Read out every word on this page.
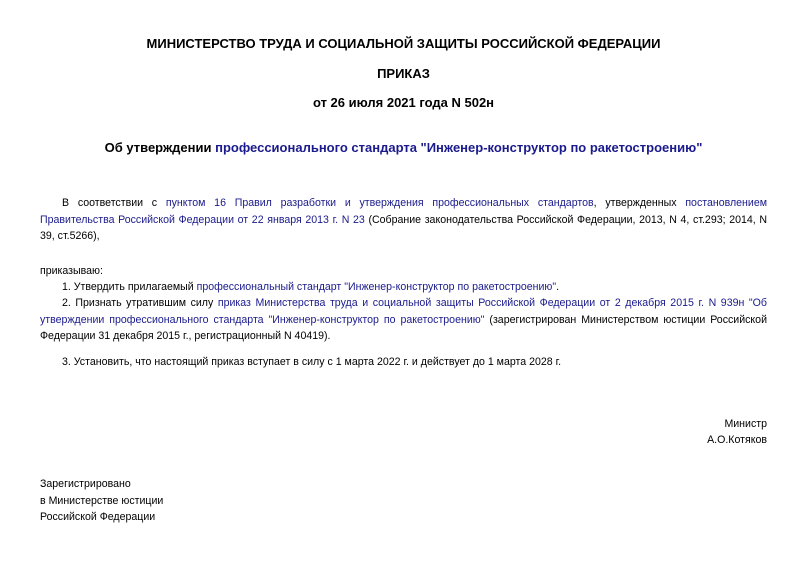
МИНИСТЕРСТВО ТРУДА И СОЦИАЛЬНОЙ ЗАЩИТЫ РОССИЙСКОЙ ФЕДЕРАЦИИ
ПРИКАЗ
от 26 июля 2021 года N 502н
Об утверждении профессионального стандарта "Инженер-конструктор по ракетостроению"
В соответствии с пунктом 16 Правил разработки и утверждения профессиональных стандартов, утвержденных постановлением Правительства Российской Федерации от 22 января 2013 г. N 23 (Собрание законодательства Российской Федерации, 2013, N 4, ст.293; 2014, N 39, ст.5266),
приказываю:
1. Утвердить прилагаемый профессиональный стандарт "Инженер-конструктор по ракетостроению".
2. Признать утратившим силу приказ Министерства труда и социальной защиты Российской Федерации от 2 декабря 2015 г. N 939н "Об утверждении профессионального стандарта "Инженер-конструктор по ракетостроению" (зарегистрирован Министерством юстиции Российской Федерации 31 декабря 2015 г., регистрационный N 40419).
3. Установить, что настоящий приказ вступает в силу с 1 марта 2022 г. и действует до 1 марта 2028 г.
Министр
А.О.Котяков
Зарегистрировано
в Министерстве юстиции
Российской Федерации
